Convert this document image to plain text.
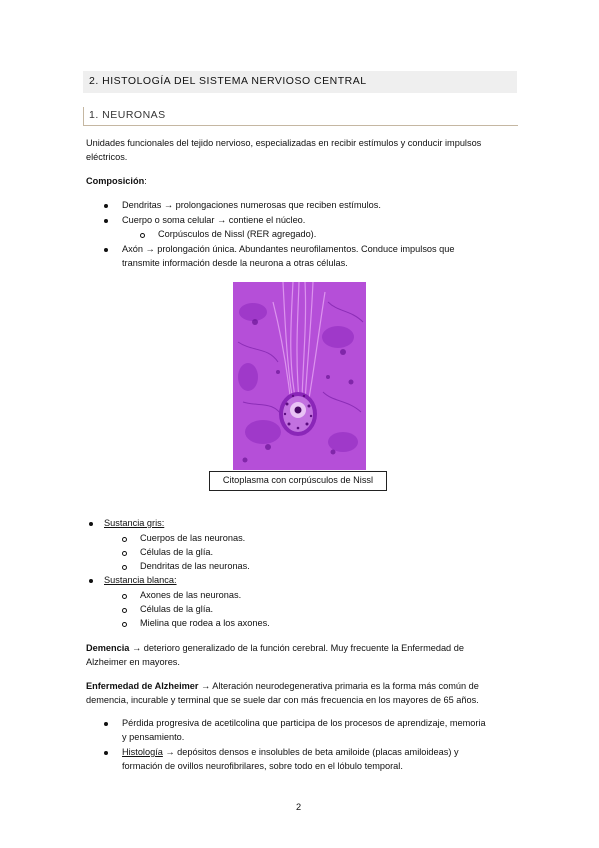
2. HISTOLOGÍA DEL SISTEMA NERVIOSO CENTRAL
1. NEURONAS
Unidades funcionales del tejido nervioso, especializadas en recibir estímulos y conducir impulsos
eléctricos.
Composición:
Dendritas → prolongaciones numerosas que reciben estímulos.
Cuerpo o soma celular → contiene el núcleo.
Corpúsculos de Nissl (RER agregado).
Axón → prolongación única. Abundantes neurofilamentos. Conduce impulsos que
transmite información desde la neurona a otras células.
Citoplasma con corpúsculos de Nissl
Sustancia gris:
Cuerpos de las neuronas.
Células de la glía.
Dendritas de las neuronas.
Sustancia blanca:
Axones de las neuronas.
Células de la glía.
Mielina que rodea a los axones.
Demencia → deterioro generalizado de la función cerebral. Muy frecuente la Enfermedad de
Alzheimer en mayores.
Enfermedad de Alzheimer → Alteración neurodegenerativa primaria es la forma más común de
demencia, incurable y terminal que se suele dar con más frecuencia en los mayores de 65 años.
Pérdida progresiva de acetilcolina que participa de los procesos de aprendizaje, memoria
y pensamiento.
Histología → depósitos densos e insolubles de beta amiloide (placas amiloideas) y
formación de ovillos neurofibrilares, sobre todo en el lóbulo temporal.
2
